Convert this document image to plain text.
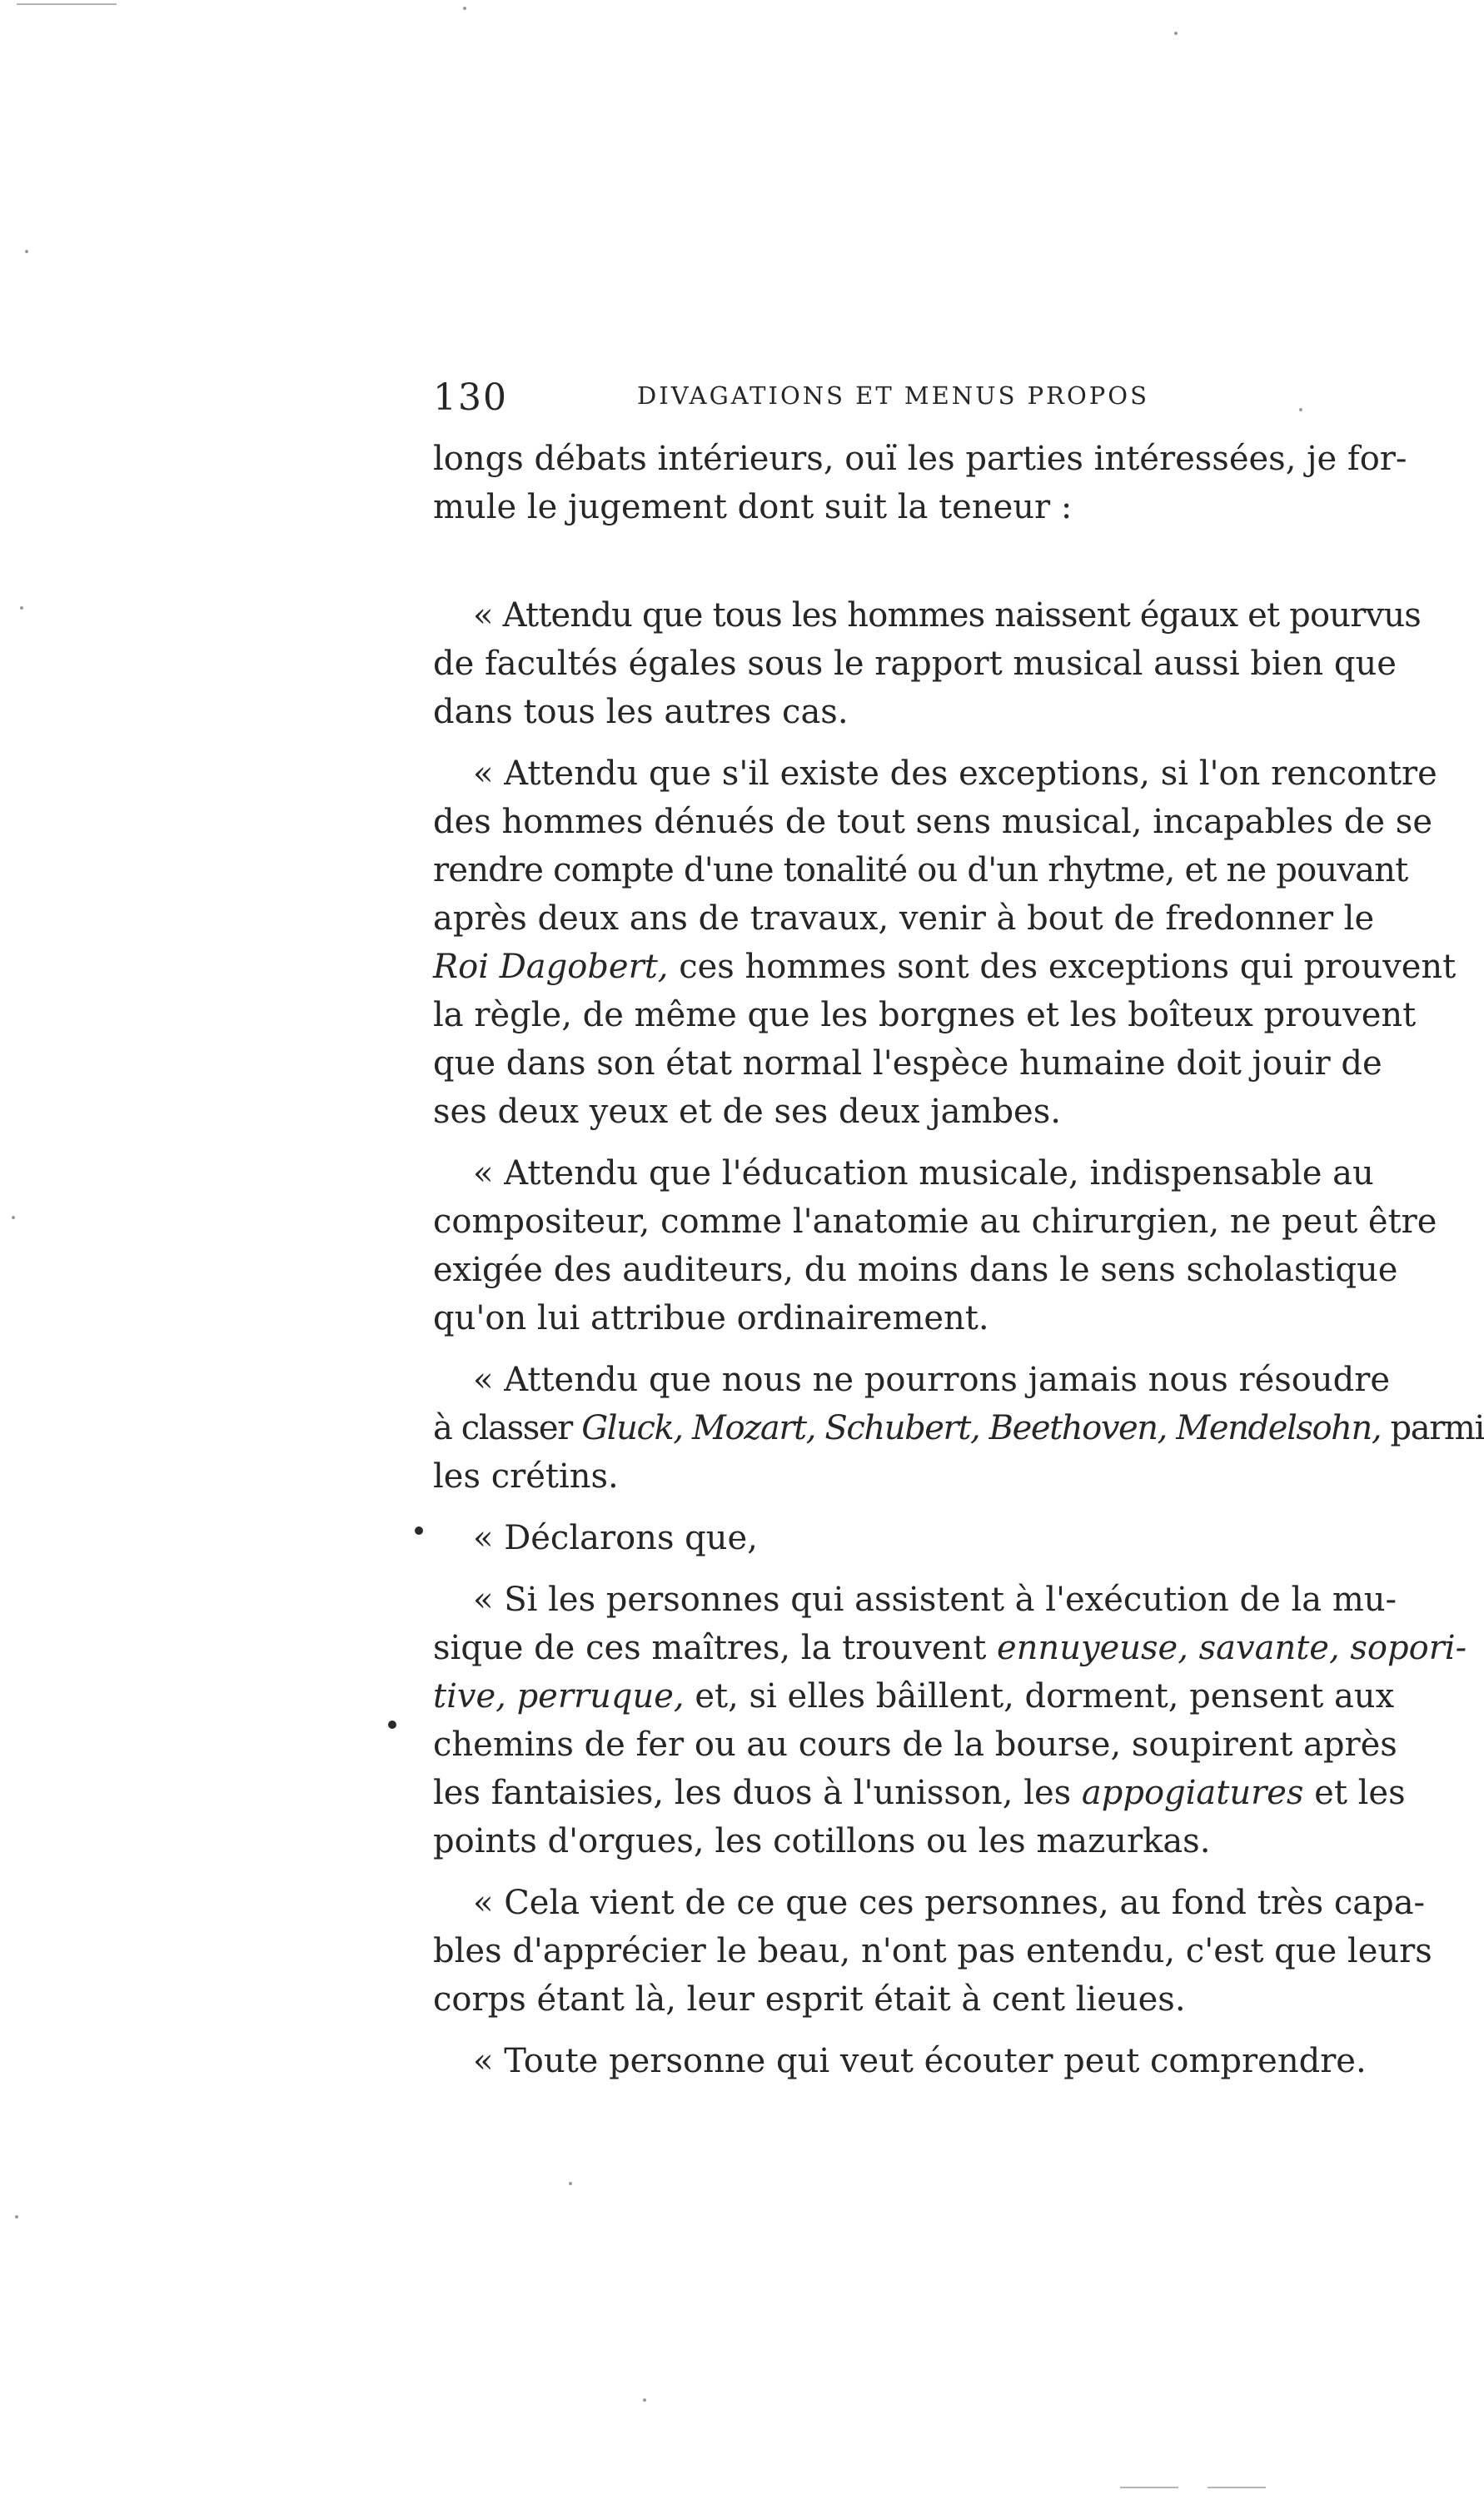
130	DIVAGATIONS ET MENUS PROPOS
longs débats intérieurs, ouï les parties intéressées, je for-
mule le jugement dont suit la teneur :
« Attendu que tous les hommes naissent égaux et pourvus
de facultés égales sous le rapport musical aussi bien que
dans tous les autres cas.
« Attendu que s'il existe des exceptions, si l'on rencontre
des hommes dénués de tout sens musical, incapables de se
rendre compte d'une tonalité ou d'un rhytme, et ne pouvant
après deux ans de travaux, venir à bout de fredonner le
Roi Dagobert, ces hommes sont des exceptions qui prouvent
la règle, de même que les borgnes et les boîteux prouvent
que dans son état normal l'espèce humaine doit jouir de
ses deux yeux et de ses deux jambes.
« Attendu que l'éducation musicale, indispensable au
compositeur, comme l'anatomie au chirurgien, ne peut être
exigée des auditeurs, du moins dans le sens scholastique
qu'on lui attribue ordinairement.
« Attendu que nous ne pourrons jamais nous résoudre
à classer Gluck, Mozart, Schubert, Beethoven, Mendelsohn, parmi
les crétins.
« Déclarons que,
« Si les personnes qui assistent à l'exécution de la mu-
sique de ces maîtres, la trouvent ennuyeuse, savante, sopori-
tive, perruque, et, si elles bâillent, dorment, pensent aux
chemins de fer ou au cours de la bourse, soupirent après
les fantaisies, les duos à l'unisson, les appogiatures et les
points d'orgues, les cotillons ou les mazurkas.
« Cela vient de ce que ces personnes, au fond très capa-
bles d'apprécier le beau, n'ont pas entendu, c'est que leurs
corps étant là, leur esprit était à cent lieues.
« Toute personne qui veut écouter peut comprendre.
